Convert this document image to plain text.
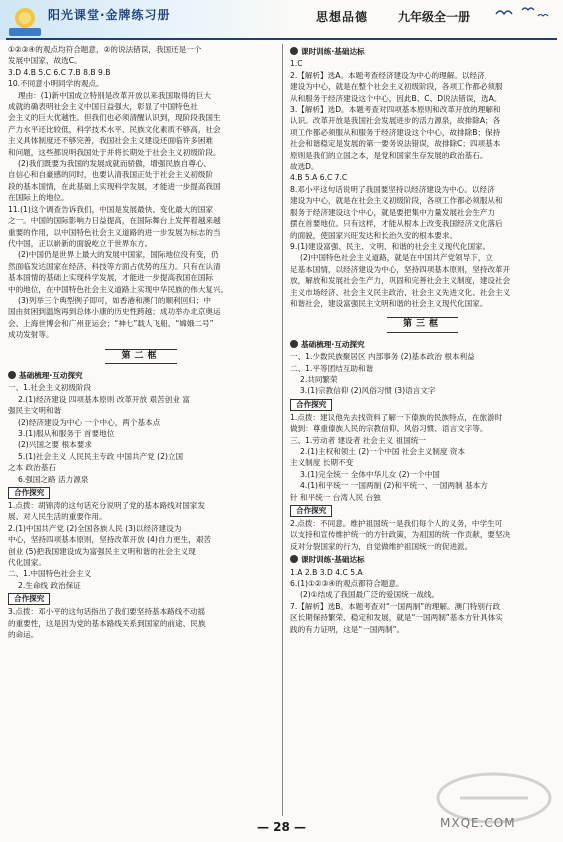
阳光课堂·金牌练习册	思想品德 九年级全一册

①②③④的观点均符合题意，②的说法错误，我国还是一个

发展中国家，故选C。

3.D 4.B 5.C 6.C 7.B 8.B 9.B

10.不同意小明同学的观点。

理由：(1)新中国成立特别是改革开放以来我国取得的巨大

成就的确表明社会主义中国日益强大，彰显了中国特色社

会主义的巨大优越性。但我们也必须清醒认识到，现阶段我国生

产力水平还比较低，科学技术水平、民族文化素质不够高，社会

主义具体制度还不够完善，我国社会主义建设还面临许多困难

和问题，这些都说明我国处于并将长期处于社会主义初级阶段。

(2)我们既要为我国的发展成就而骄傲，增强民族自尊心、

自信心和自豪感的同时，也要认清我国正处于社会主义初级阶

段的基本国情，在此基础上实现科学发展，才能进一步提高我国

在国际上的地位。

11.(1)这个调查告诉我们，中国是发展最快、变化最大的国家

之一。中国的国际影响力日益提高，在国际舞台上发挥着越来越

重要的作用，以中国特色社会主义道路的进一步发展为标志的当

代中国，正以崭新的面貌屹立于世界东方。

(2)中国仍是世界上最大的发展中国家，国际地位没有变，仍

然面临发达国家在经济、科技等方面占优势的压力。只有在认清

基本国情的基础上实现科学发展，才能进一步提高我国在国际

中的地位，在中国特色社会主义道路上实现中华民族的伟大复兴。

(3)列举三个典型例子即可，如香港和澳门的顺利回归；中

国由贫困到温饱再到总体小康的历史性跨越；成功举办北京奥运

会、上海世博会和广州亚运会；“神七”载人飞船、“嫦娥二号”

成功发射等。

第二框
基础梳理·互动探究

一、1.社会主义初级阶段

2.(1)经济建设 四项基本原则 改革开放 艰苦创业 富

强民主文明和谐

(2)经济建设为中心 一个中心，两个基本点

3.(1)服从和服务于 首要地位

(2)兴国之要 根本要求

5.(1)社会主义 人民民主专政 中国共产党 (2)立国

之本 政治基石

6.强国之路 活力源泉

合作探究

1.点拨：胡锦涛的这句话充分说明了党的基本路线对国家发

展、对人民生活的重要作用。

2.(1)中国共产党 (2)全国各族人民 (3)以经济建设为

中心，坚持四项基本原则，坚持改革开放 (4)自力更生，艰苦

创业 (5)把我国建设成为富强民主文明和谐的社会主义现

代化国家。

二、1.中国特色社会主义

2.生命线 政治保证

合作探究

3.点拨：邓小平的这句话指出了我们要坚持基本路线不动摇

的重要性，这是因为党的基本路线关系到国家的前途、民族

的命运。

课时训练·基础达标

1.C

2.【解析】选A。本题考查经济建设为中心的理解。以经济

建设为中心，就是在整个社会主义初级阶段，各项工作都必须服

从和服务于经济建设这个中心，因此B、C、D说法错误，选A。

3.【解析】选D。本题考查对四项基本原则和改革开放的理解和

认识。改革开放是我国社会发展进步的活力源泉，故排除A；各

项工作都必须服从和服务于经济建设这个中心，故排除B；保持

社会和谐稳定是发展的第一要务说法错误，故排除C；四项基本

原则是我们的立国之本，是党和国家生存发展的政治基石。

故选D。

4.B 5.A 6.C 7.C

8.邓小平这句话说明了我国要坚持以经济建设为中心。以经济

建设为中心，就是在社会主义初级阶段，各项工作都必须服从和

服务于经济建设这个中心，就是要把集中力量发展社会生产力

摆在首要地位。只有这样，才能从根本上改变我国经济文化落后

的面貌，使国家兴旺发达和长治久安的根本要求。

9.(1)建设富强、民主、文明、和谐的社会主义现代化国家。

(2)中国特色社会主义道路，就是在中国共产党领导下，立

足基本国情，以经济建设为中心，坚持四项基本原则，坚持改革开

放，解放和发展社会生产力，巩固和完善社会主义制度，建设社会

主义市场经济、社会主义民主政治、社会主义先进文化、社会主义

和谐社会，建设富强民主文明和谐的社会主义现代化国家。

第三框
基础梳理·互动探究

一、1.少数民族聚居区 内部事务 (2)基本政治 根本利益

二、1.平等团结互助和谐

2.共同繁荣

3.(1)宗教信仰 (2)风俗习惯 (3)语言文字

合作探究

1.点拨：建议他先去找资料了解一下傣族的民族特点，在旅游时

做到：尊重傣族人民的宗教信仰、风俗习惯、语言文字等。

三、1.劳动者 建设者 社会主义 祖国统一

2.(1)主权和领土 (2)一个中国 社会主义制度 资本

主义制度 长期不变

3.(1)完全统一 全体中华儿女 (2)一个中国

4.(1)和平统一 一国两制 (2)和平统一、一国两制 基本方

针 和平统一 台湾人民 台独

合作探究

2.点拨：不同意。维护祖国统一是我们每个人的义务，中学生可

以支持和宣传维护统一的方针政策，为祖国的统一作贡献，要坚决

反对分裂国家的行为，自觉做维护祖国统一的促进派。

课时训练·基础达标

1.A 2.B 3.D 4.C 5.A

6.(1)①②③④的观点都符合题意。

(2)①结成了我国最广泛的爱国统一战线。

7.【解析】选B。本题考查对“一国两制”的理解。澳门特别行政

区长期保持繁荣、稳定和发展，就是“一国两制”基本方针具体实

践的有力证明，这是“一国两制”。

MXQE.COM
— 28 —
